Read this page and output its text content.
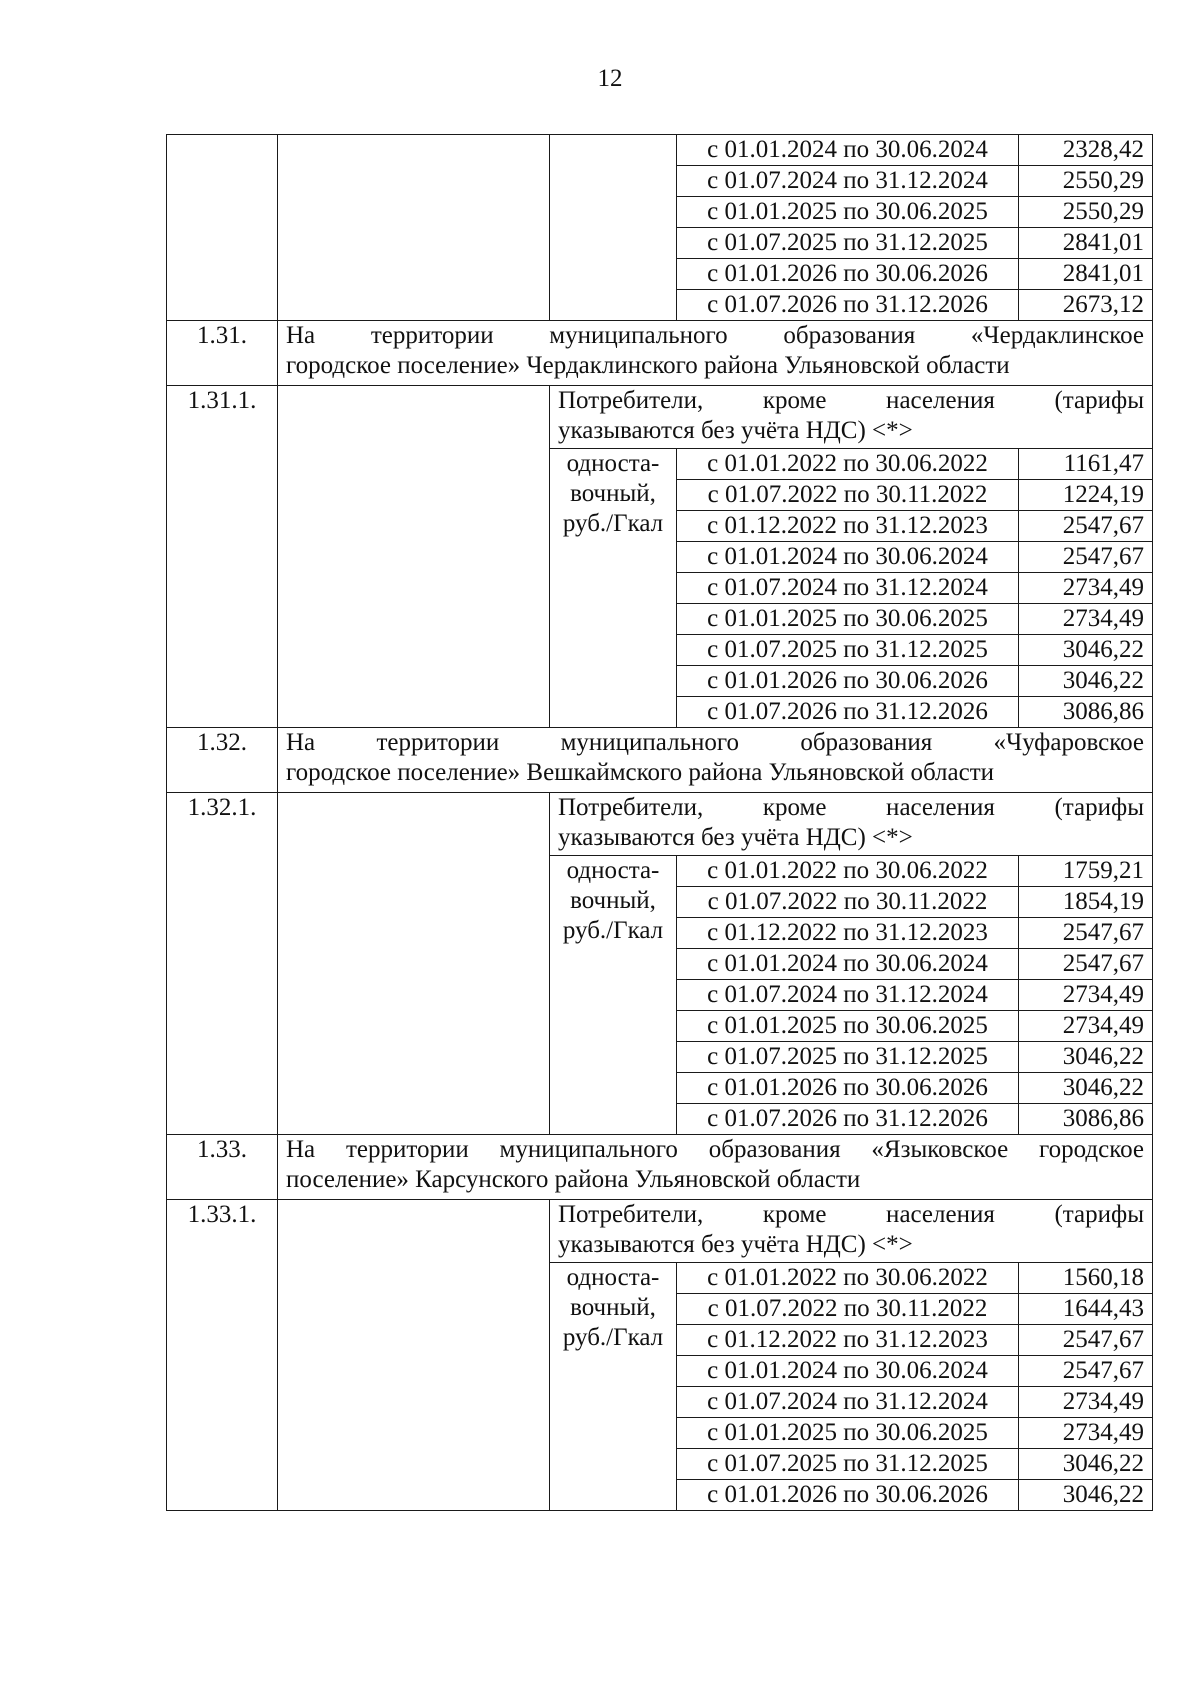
12
			с 01.01.2024 по 30.06.2024	2328,42
			с 01.07.2024 по 31.12.2024	2550,29
			с 01.01.2025 по 30.06.2025	2550,29
			с 01.07.2025 по 31.12.2025	2841,01
			с 01.01.2026 по 30.06.2026	2841,01
			с 01.07.2026 по 31.12.2026	2673,12
1.31.	На территории муниципального образования «Чердаклинское
городское поселение» Чердаклинского района Ульяновской области			

1.31.1.		Потребители, кроме населения (тарифы
указываются без учёта НДС) <*>		

		односта-
вочный,
руб./Гкал	с 01.01.2022 по 30.06.2022	1161,47
			с 01.07.2022 по 30.11.2022	1224,19
			с 01.12.2022 по 31.12.2023	2547,67
			с 01.01.2024 по 30.06.2024	2547,67
			с 01.07.2024 по 31.12.2024	2734,49
			с 01.01.2025 по 30.06.2025	2734,49
			с 01.07.2025 по 31.12.2025	3046,22
			с 01.01.2026 по 30.06.2026	3046,22
			с 01.07.2026 по 31.12.2026	3086,86
1.32.	На территории муниципального образования «Чуфаровское
городское поселение» Вешкаймского района Ульяновской области			

1.32.1.		Потребители, кроме населения (тарифы
указываются без учёта НДС) <*>		

		односта-
вочный,
руб./Гкал	с 01.01.2022 по 30.06.2022	1759,21
			с 01.07.2022 по 30.11.2022	1854,19
			с 01.12.2022 по 31.12.2023	2547,67
			с 01.01.2024 по 30.06.2024	2547,67
			с 01.07.2024 по 31.12.2024	2734,49
			с 01.01.2025 по 30.06.2025	2734,49
			с 01.07.2025 по 31.12.2025	3046,22
			с 01.01.2026 по 30.06.2026	3046,22
			с 01.07.2026 по 31.12.2026	3086,86
1.33.	На территории муниципального образования «Языковское городское
поселение» Карсунского района Ульяновской области			

1.33.1.		Потребители, кроме населения (тарифы
указываются без учёта НДС) <*>		

		односта-
вочный,
руб./Гкал	с 01.01.2022 по 30.06.2022	1560,18
			с 01.07.2022 по 30.11.2022	1644,43
			с 01.12.2022 по 31.12.2023	2547,67
			с 01.01.2024 по 30.06.2024	2547,67
			с 01.07.2024 по 31.12.2024	2734,49
			с 01.01.2025 по 30.06.2025	2734,49
			с 01.07.2025 по 31.12.2025	3046,22
			с 01.01.2026 по 30.06.2026	3046,22
